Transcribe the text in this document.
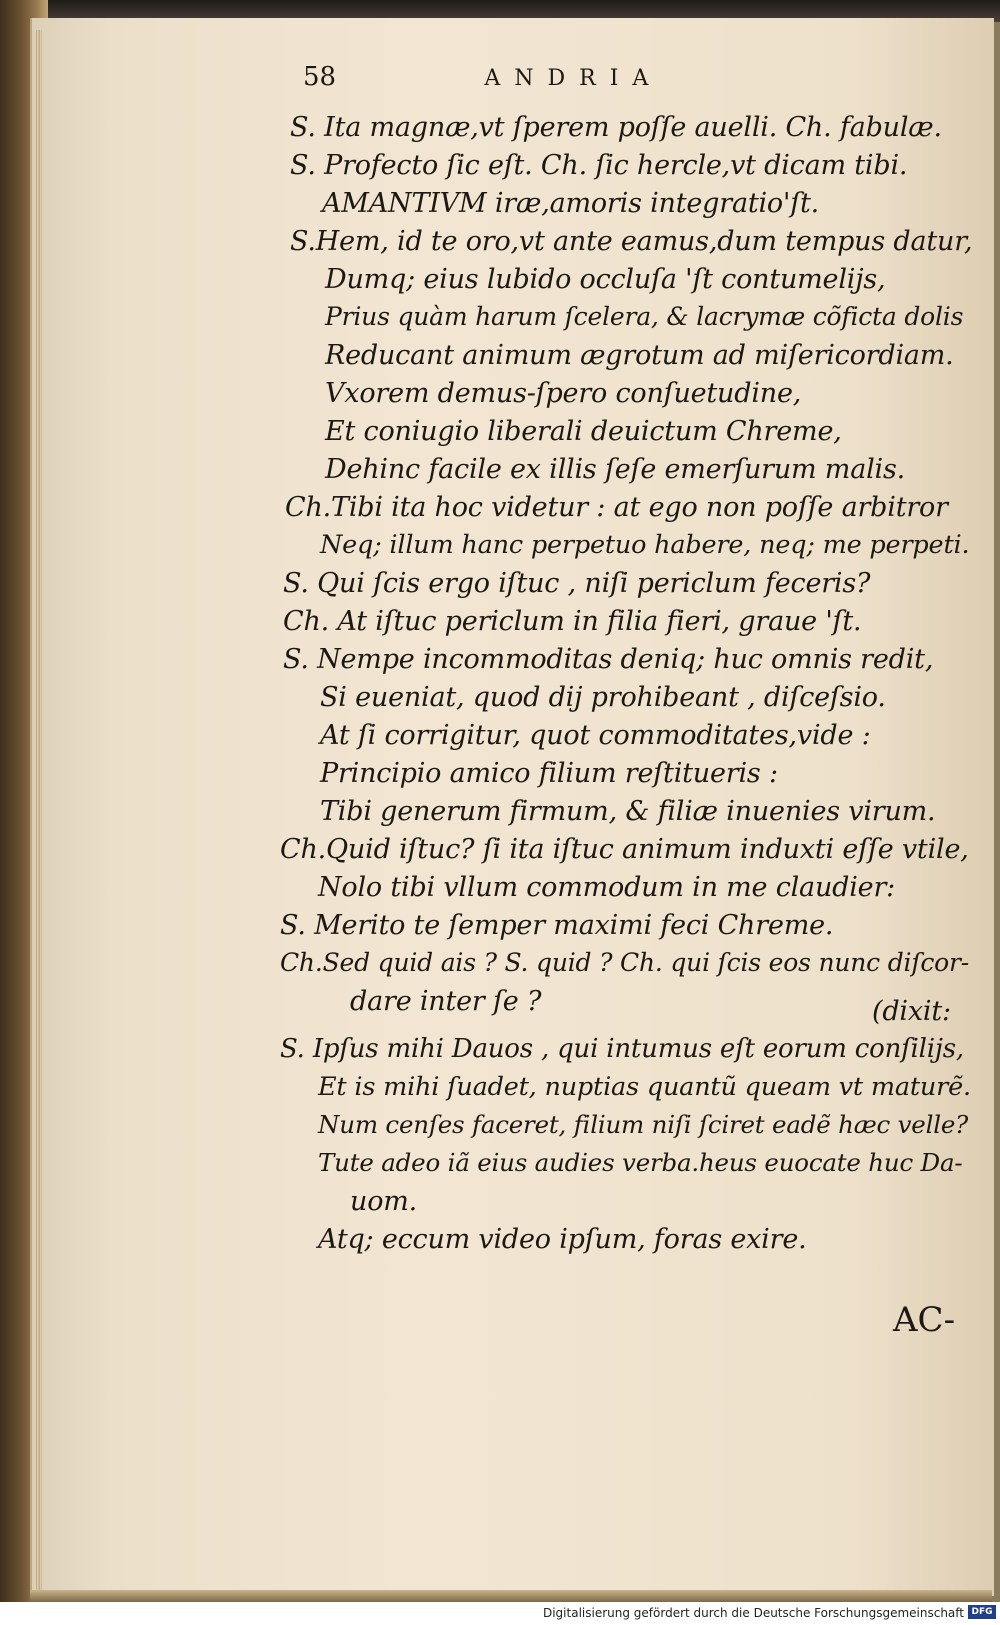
58	ANDRIA
S. Ita magnæ,vt ſperem poſſe auelli. Ch. fabulæ.
S. Profecto ſic eſt. Ch. ſic hercle,vt dicam tibi.
AMANTIVM iræ,amoris integratio'ſt.
S.Hem, id te oro,vt ante eamus,dum tempus datur,
Dumq; eius lubido occluſa 'ſt contumelijs,
Prius quàm harum ſcelera, & lacrymæ cõficta dolis
Reducant animum ægrotum ad miſericordiam.
Vxorem demus-ſpero conſuetudine,
Et coniugio liberali deuictum Chreme,
Dehinc facile ex illis ſeſe emerſurum malis.
Ch.Tibi ita hoc videtur : at ego non poſſe arbitror
Neq; illum hanc perpetuo habere, neq; me perpeti.
S. Qui ſcis ergo iſtuc , niſi periclum feceris?
Ch. At iſtuc periclum in filia fieri, graue 'ſt.
S. Nempe incommoditas deniq; huc omnis redit,
Si eueniat, quod dij prohibeant , diſceſsio.
At ſi corrigitur, quot commoditates,vide :
Principio amico filium reſtitueris :
Tibi generum firmum, & filiæ inuenies virum.
Ch.Quid iſtuc? ſi ita iſtuc animum induxti eſſe vtile,
Nolo tibi vllum commodum in me claudier:
S. Merito te ſemper maximi feci Chreme.
Ch.Sed quid ais ? S. quid ? Ch. qui ſcis eos nunc diſcor-
dare inter ſe ?	(dixit:
S. Ipſus mihi Dauos , qui intumus eſt eorum conſilijs,
Et is mihi ſuadet, nuptias quantũ queam vt maturẽ.
Num cenſes faceret, filium niſi ſciret eadẽ hæc velle?
Tute adeo iã eius audies verba.heus euocate huc Da-
uom.
Atq; eccum video ipſum, foras exire.
AC-
Digitalisierung gefördert durch die Deutsche Forschungsgemeinschaft DFG
